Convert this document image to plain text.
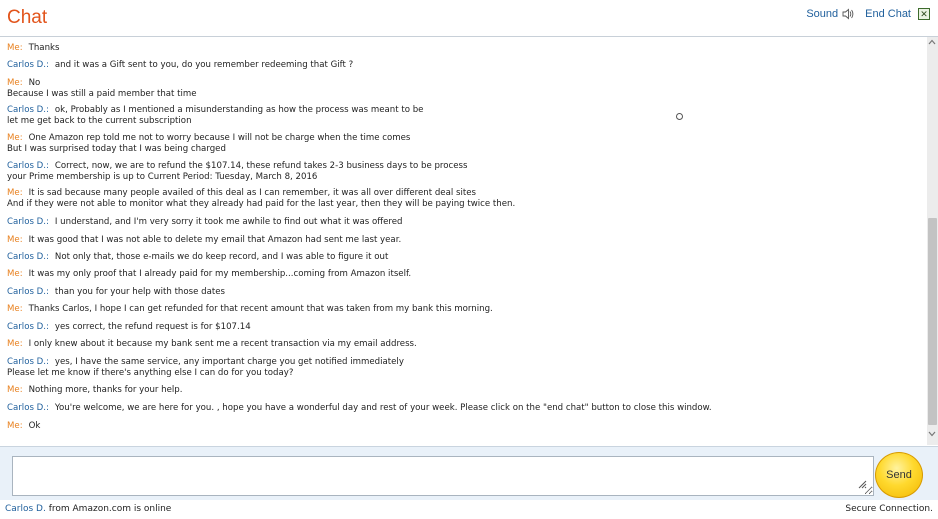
Chat	Sound End Chat ✕
Me: Thanks
Carlos D.: and it was a Gift sent to you, do you remember redeeming that Gift ?
Me: No
Because I was still a paid member that time
Carlos D.: ok, Probably as I mentioned a misunderstanding as how the process was meant to be
let me get back to the current subscription
Me: One Amazon rep told me not to worry because I will not be charge when the time comes
But I was surprised today that I was being charged
Carlos D.: Correct, now, we are to refund the $107.14, these refund takes 2-3 business days to be process
your Prime membership is up to Current Period: Tuesday, March 8, 2016
Me: It is sad because many people availed of this deal as I can remember, it was all over different deal sites
And if they were not able to monitor what they already had paid for the last year, then they will be paying twice then.
Carlos D.: I understand, and I'm very sorry it took me awhile to find out what it was offered
Me: It was good that I was not able to delete my email that Amazon had sent me last year.
Carlos D.: Not only that, those e-mails we do keep record, and I was able to figure it out
Me: It was my only proof that I already paid for my membership...coming from Amazon itself.
Carlos D.: than you for your help with those dates
Me: Thanks Carlos, I hope I can get refunded for that recent amount that was taken from my bank this morning.
Carlos D.: yes correct, the refund request is for $107.14
Me: I only knew about it because my bank sent me a recent transaction via my email address.
Carlos D.: yes, I have the same service, any important charge you get notified immediately
Please let me know if there's anything else I can do for you today?
Me: Nothing more, thanks for your help.
Carlos D.: You're welcome, we are here for you. , hope you have a wonderful day and rest of your week. Please click on the "end chat" button to close this window.
Me: Ok
Send
Carlos D. from Amazon.com is online	Secure Connection.
